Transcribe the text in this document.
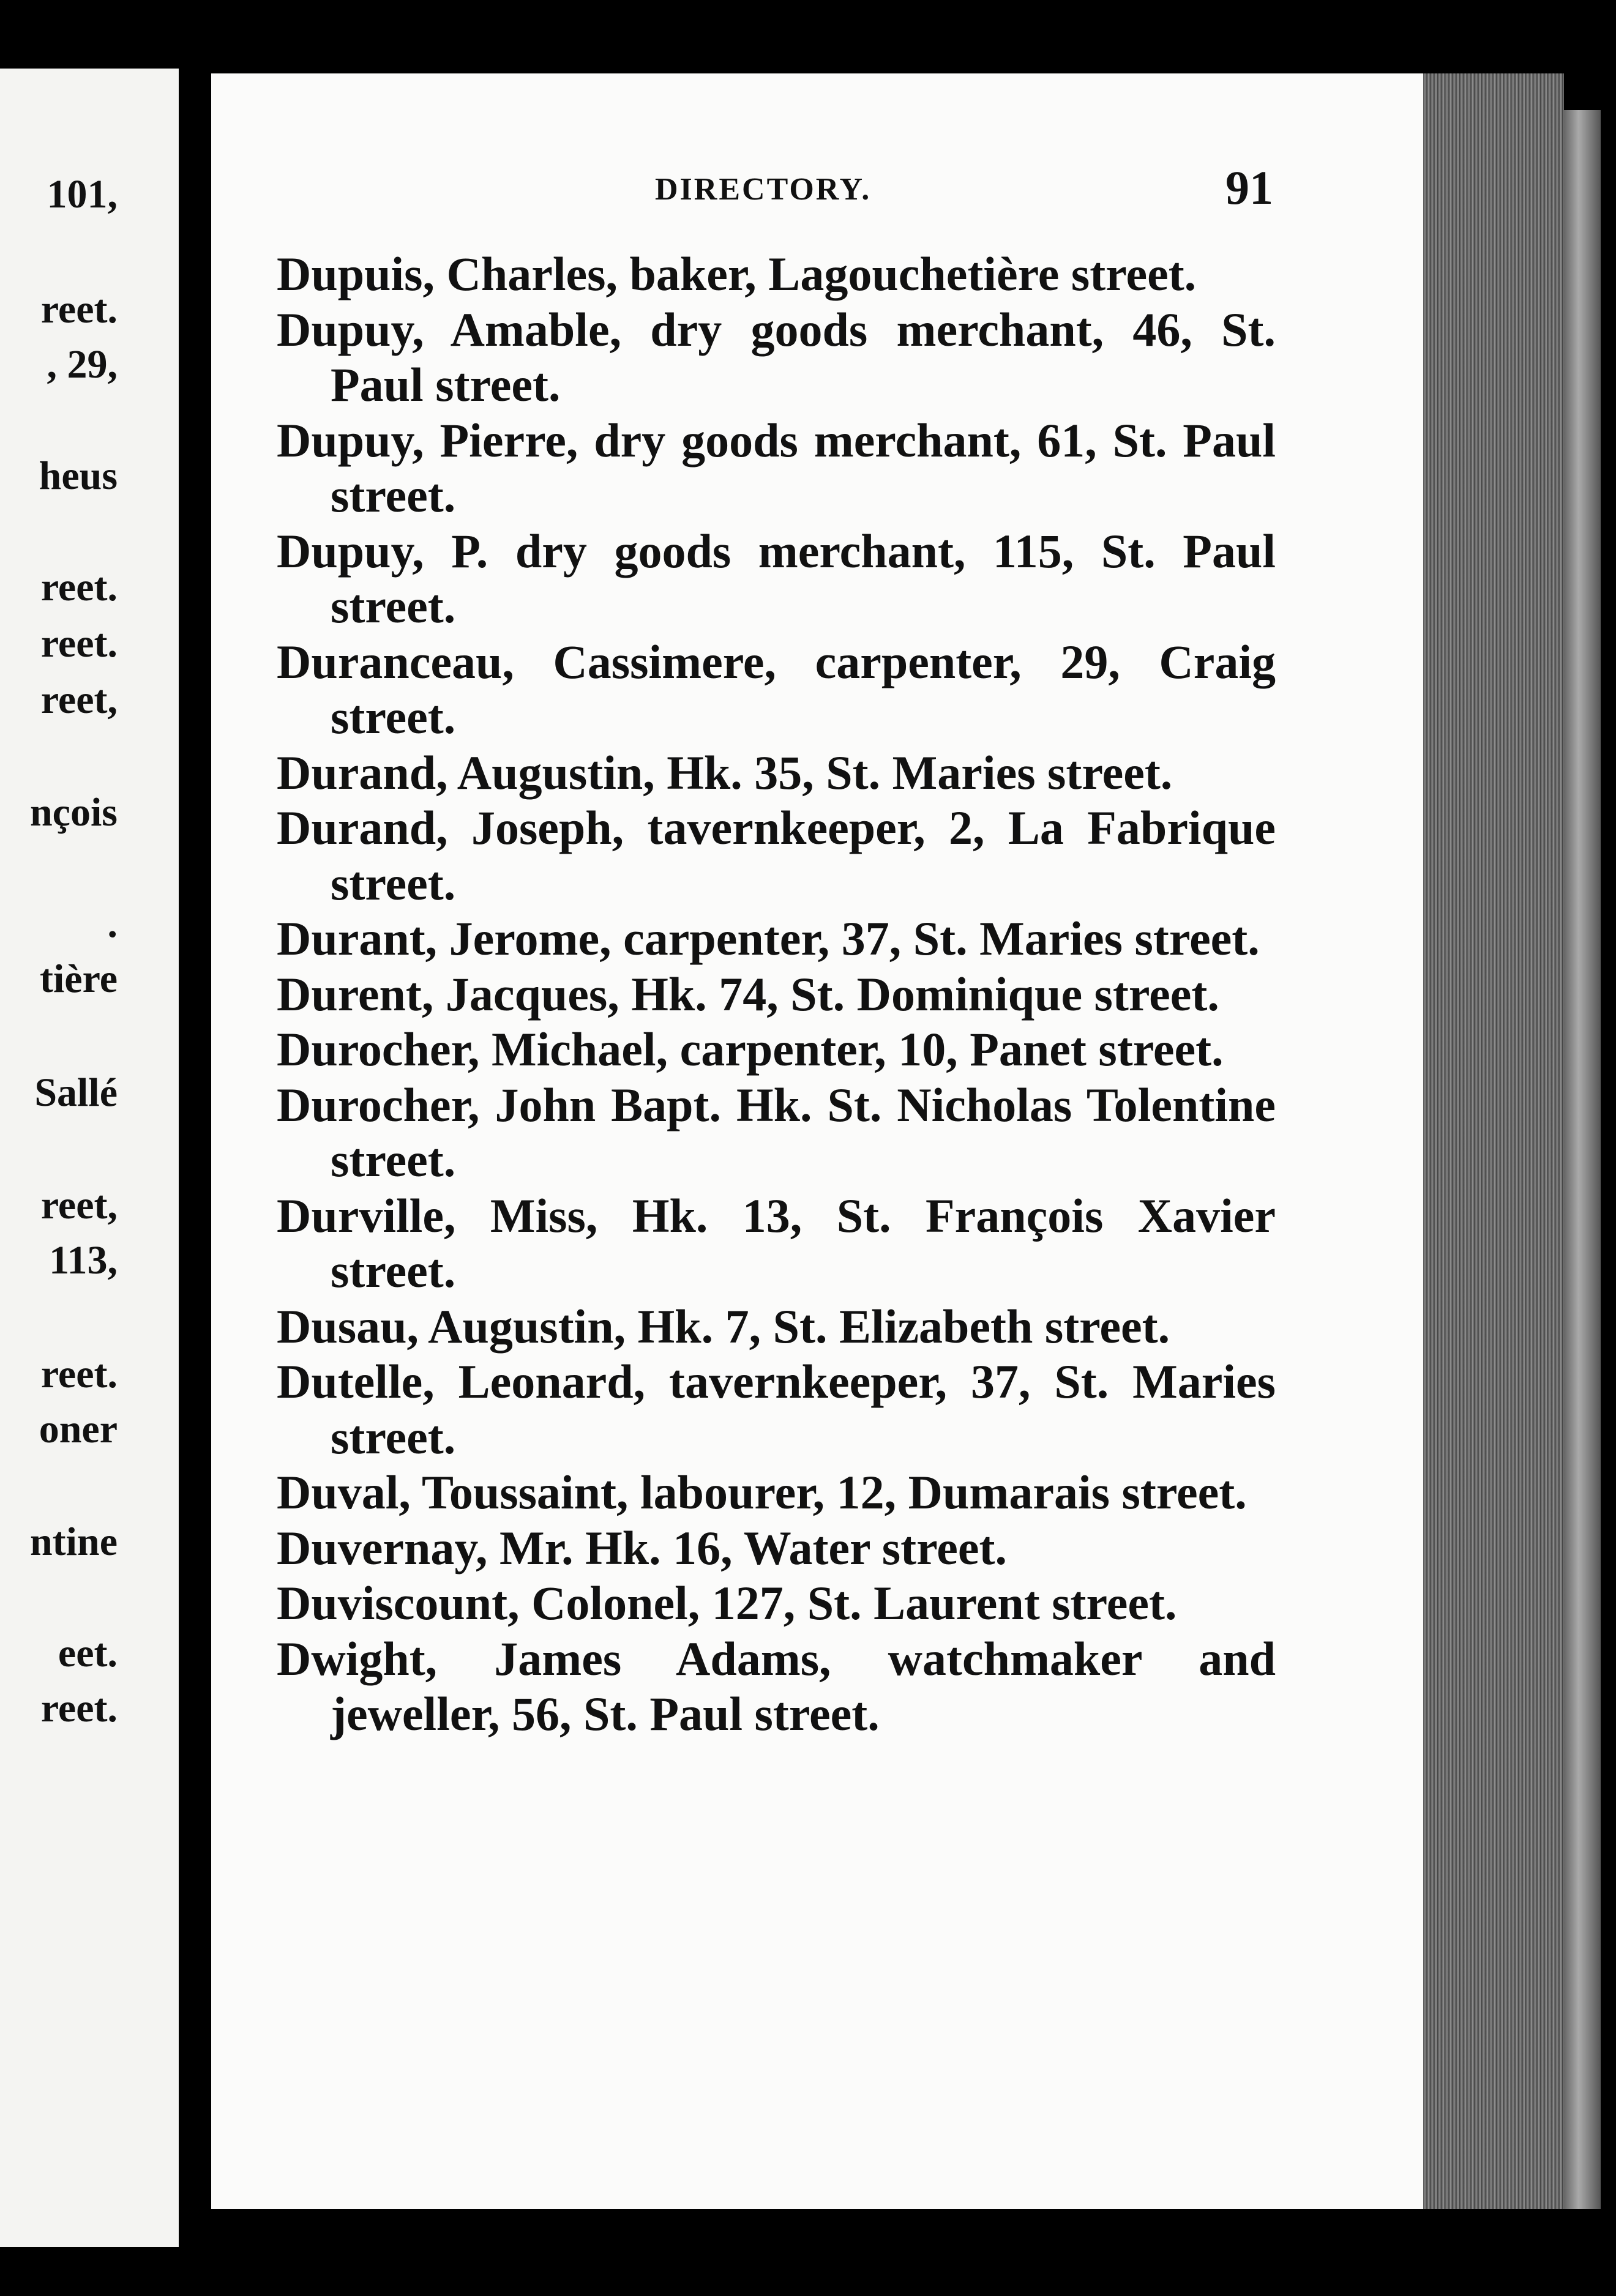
101,
reet.
, 29,
heus
reet.
reet.
reet,
nçois
.
tière
Sallé
reet,
113,
reet.
oner
ntine
eet.
reet.
DIRECTORY.	91
Dupuis, Charles, baker, Lagouchetière street.
Dupuy, Amable, dry goods merchant, 46, St. Paul street.
Dupuy, Pierre, dry goods merchant, 61, St. Paul street.
Dupuy, P. dry goods merchant, 115, St. Paul street.
Duranceau, Cassimere, carpenter, 29, Craig street.
Durand, Augustin, Hk. 35, St. Maries street.
Durand, Joseph, tavernkeeper, 2, La Fabrique street.
Durant, Jerome, carpenter, 37, St. Maries street.
Durent, Jacques, Hk. 74, St. Dominique street.
Durocher, Michael, carpenter, 10, Panet street.
Durocher, John Bapt. Hk. St. Nicholas Tolentine street.
Durville, Miss, Hk. 13, St. François Xavier street.
Dusau, Augustin, Hk. 7, St. Elizabeth street.
Dutelle, Leonard, tavernkeeper, 37, St. Maries street.
Duval, Toussaint, labourer, 12, Dumarais street.
Duvernay, Mr. Hk. 16, Water street.
Duviscount, Colonel, 127, St. Laurent street.
Dwight, James Adams, watchmaker and jeweller, 56, St. Paul street.
